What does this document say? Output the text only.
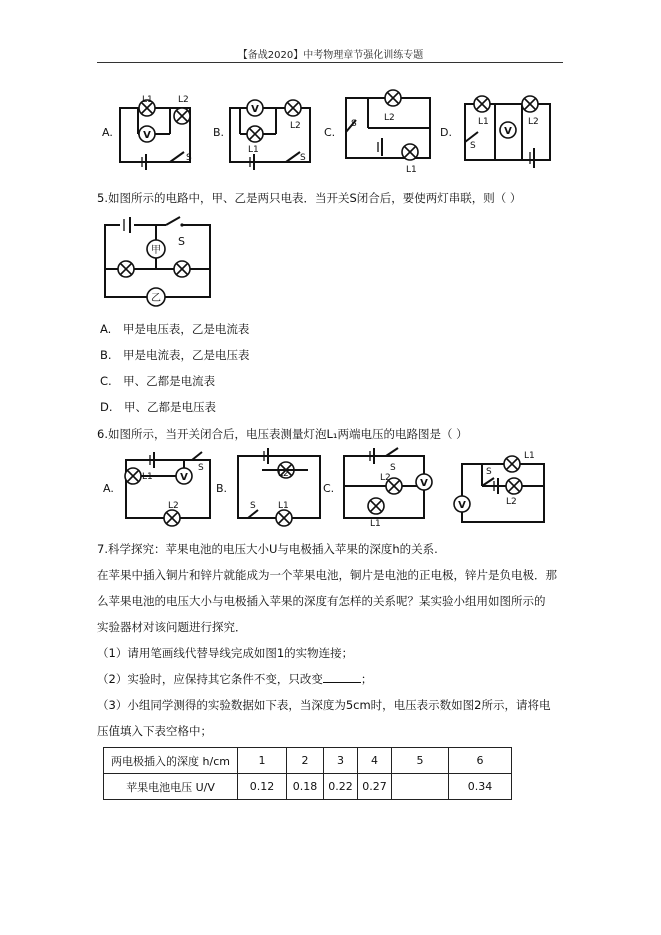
【备战2020】中考物理章节强化训练专题
V
A.
L1	L2
S
B.
L1
L2
S
C.
S
L2
L1
D.
S
L1	L2
5.如图所示的电路中，甲、乙是两只电表．当开关S闭合后，要使两灯串联，则（ ）
S
甲
乙
A.　甲是电压表，乙是电流表
B.　甲是电流表，乙是电压表
C.　甲、乙都是电流表
D.　甲、乙都是电压表
6.如图所示，当开关闭合后，电压表测量灯泡L₁两端电压的电路图是（ ）
A.
L1
S
L2
B.
L2
S L1
C.
S
L2
L1
S
L1
L2
7.科学探究：苹果电池的电压大小U与电极插入苹果的深度h的关系.
在苹果中插入铜片和锌片就能成为一个苹果电池，铜片是电池的正电极，锌片是负电极．那
么苹果电池的电压大小与电极插入苹果的深度有怎样的关系呢？某实验小组用如图所示的
实验器材对该问题进行探究．
（1）请用笔画线代替导线完成如图1的实物连接；
（2）实验时，应保持其它条件不变，只改变	；
（3）小组同学测得的实验数据如下表，当深度为5cm时，电压表示数如图2所示，请将电
压值填入下表空格中；
两电极插入的深度 h/cm	1	2	3	4	5	6
苹果电池电压 U/V	0.12	0.18	0.22	0.27		0.34
